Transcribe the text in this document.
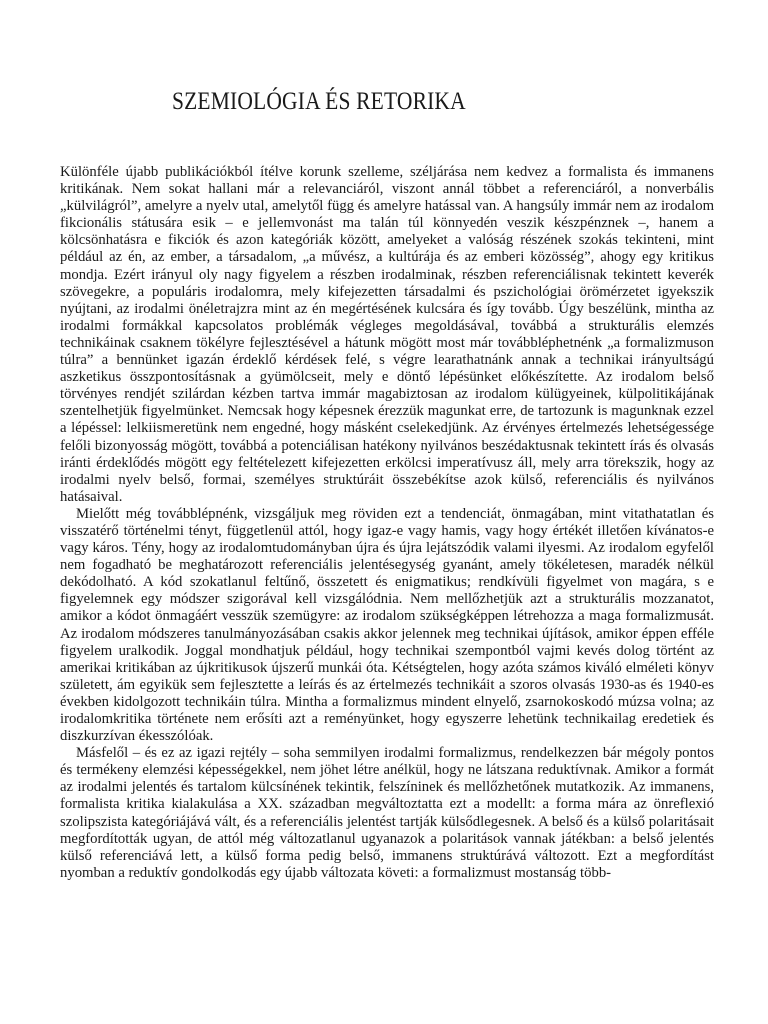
SZEMIOLÓGIA ÉS RETORIKA

Különféle újabb publikációkból ítélve korunk szelleme, széljárása nem kedvez a formalista és immanens kritikának. Nem sokat hallani már a relevanciáról, viszont annál többet a referenciáról, a nonverbális „külvilágról”, amelyre a nyelv utal, amelytől függ és amelyre hatással van. A hangsúly immár nem az irodalom fikcionális státusára esik – e jellemvonást ma talán túl könnyedén veszik készpénznek –, hanem a kölcsönhatásra e fikciók és azon kategóriák között, amelyeket a valóság részének szokás tekinteni, mint például az én, az ember, a társadalom, „a művész, a kultúrája és az emberi közösség”, ahogy egy kritikus mondja. Ezért irányul oly nagy figyelem a részben irodalminak, részben referenciálisnak tekintett keverék szövegekre, a populáris irodalomra, mely kifejezetten társadalmi és pszichológiai örömérzetet igyekszik nyújtani, az irodalmi önéletrajzra mint az én megértésének kulcsára és így tovább. Úgy beszélünk, mintha az irodalmi formákkal kapcsolatos problémák végleges megoldásával, továbbá a strukturális elemzés technikáinak csaknem tökélyre fejlesztésével a hátunk mögött most már továbbléphetnénk „a formalizmuson túlra” a bennünket igazán érdeklő kérdések felé, s végre learathatnánk annak a technikai irányultságú aszketikus összpontosításnak a gyümölcseit, mely e döntő lépésünket előkészítette. Az irodalom belső törvényes rendjét szilárdan kézben tartva immár magabiztosan az irodalom külügyeinek, külpolitikájának szentelhetjük figyelmünket. Nemcsak hogy képesnek érezzük magunkat erre, de tartozunk is magunknak ezzel a lépéssel: lelkiismeretünk nem engedné, hogy másként cselekedjünk. Az érvényes értelmezés lehetségessége felőli bizonyosság mögött, továbbá a potenciálisan hatékony nyilvános beszédaktusnak tekintett írás és olvasás iránti érdeklődés mögött egy feltételezett kifejezetten erkölcsi imperatívusz áll, mely arra törekszik, hogy az irodalmi nyelv belső, formai, személyes struktúráit összebékítse azok külső, referenciális és nyilvános hatásaival.

Mielőtt még továbblépnénk, vizsgáljuk meg röviden ezt a tendenciát, önmagában, mint vitathatatlan és visszatérő történelmi tényt, függetlenül attól, hogy igaz-e vagy hamis, vagy hogy értékét illetően kívánatos-e vagy káros. Tény, hogy az irodalomtudományban újra és újra lejátszódik valami ilyesmi. Az irodalom egyfelől nem fogadható be meghatározott referenciális jelentésegység gyanánt, amely tökéletesen, maradék nélkül dekódolható. A kód szokatlanul feltűnő, összetett és enigmatikus; rendkívüli figyelmet von magára, s e figyelemnek egy módszer szigorával kell vizsgálódnia. Nem mellőzhetjük azt a strukturális mozzanatot, amikor a kódot önmagáért vesszük szemügyre: az irodalom szükségképpen létrehozza a maga formalizmusát. Az irodalom módszeres tanulmányozásában csakis akkor jelennek meg technikai újítások, amikor éppen efféle figyelem uralkodik. Joggal mondhatjuk például, hogy technikai szempontból vajmi kevés dolog történt az amerikai kritikában az újkritikusok újszerű munkái óta. Kétségtelen, hogy azóta számos kiváló elméleti könyv született, ám egyikük sem fejlesztette a leírás és az értelmezés technikáit a szoros olvasás 1930-as és 1940-es években kidolgozott technikáin túlra. Mintha a formalizmus mindent elnyelő, zsarnokoskodó múzsa volna; az irodalomkritika története nem erősíti azt a reményünket, hogy egyszerre lehetünk technikailag eredetiek és diszkurzívan ékesszólóak.

Másfelől – és ez az igazi rejtély – soha semmilyen irodalmi formalizmus, rendelkezzen bár mégoly pontos és termékeny elemzési képességekkel, nem jöhet létre anélkül, hogy ne látszana reduktívnak. Amikor a formát az irodalmi jelentés és tartalom külcsínének tekintik, felszíninek és mellőzhetőnek mutatkozik. Az immanens, formalista kritika kialakulása a XX. században megváltoztatta ezt a modellt: a forma mára az önreflexió szolipszista kategóriájává vált, és a referenciális jelentést tartják külsődlegesnek. A belső és a külső polaritásait megfordították ugyan, de attól még változatlanul ugyanazok a polaritások vannak játékban: a belső jelentés külső referenciává lett, a külső forma pedig belső, immanens struktúrává változott. Ezt a megfordítást nyomban a reduktív gondolkodás egy újabb változata követi: a formalizmust mostanság több-
